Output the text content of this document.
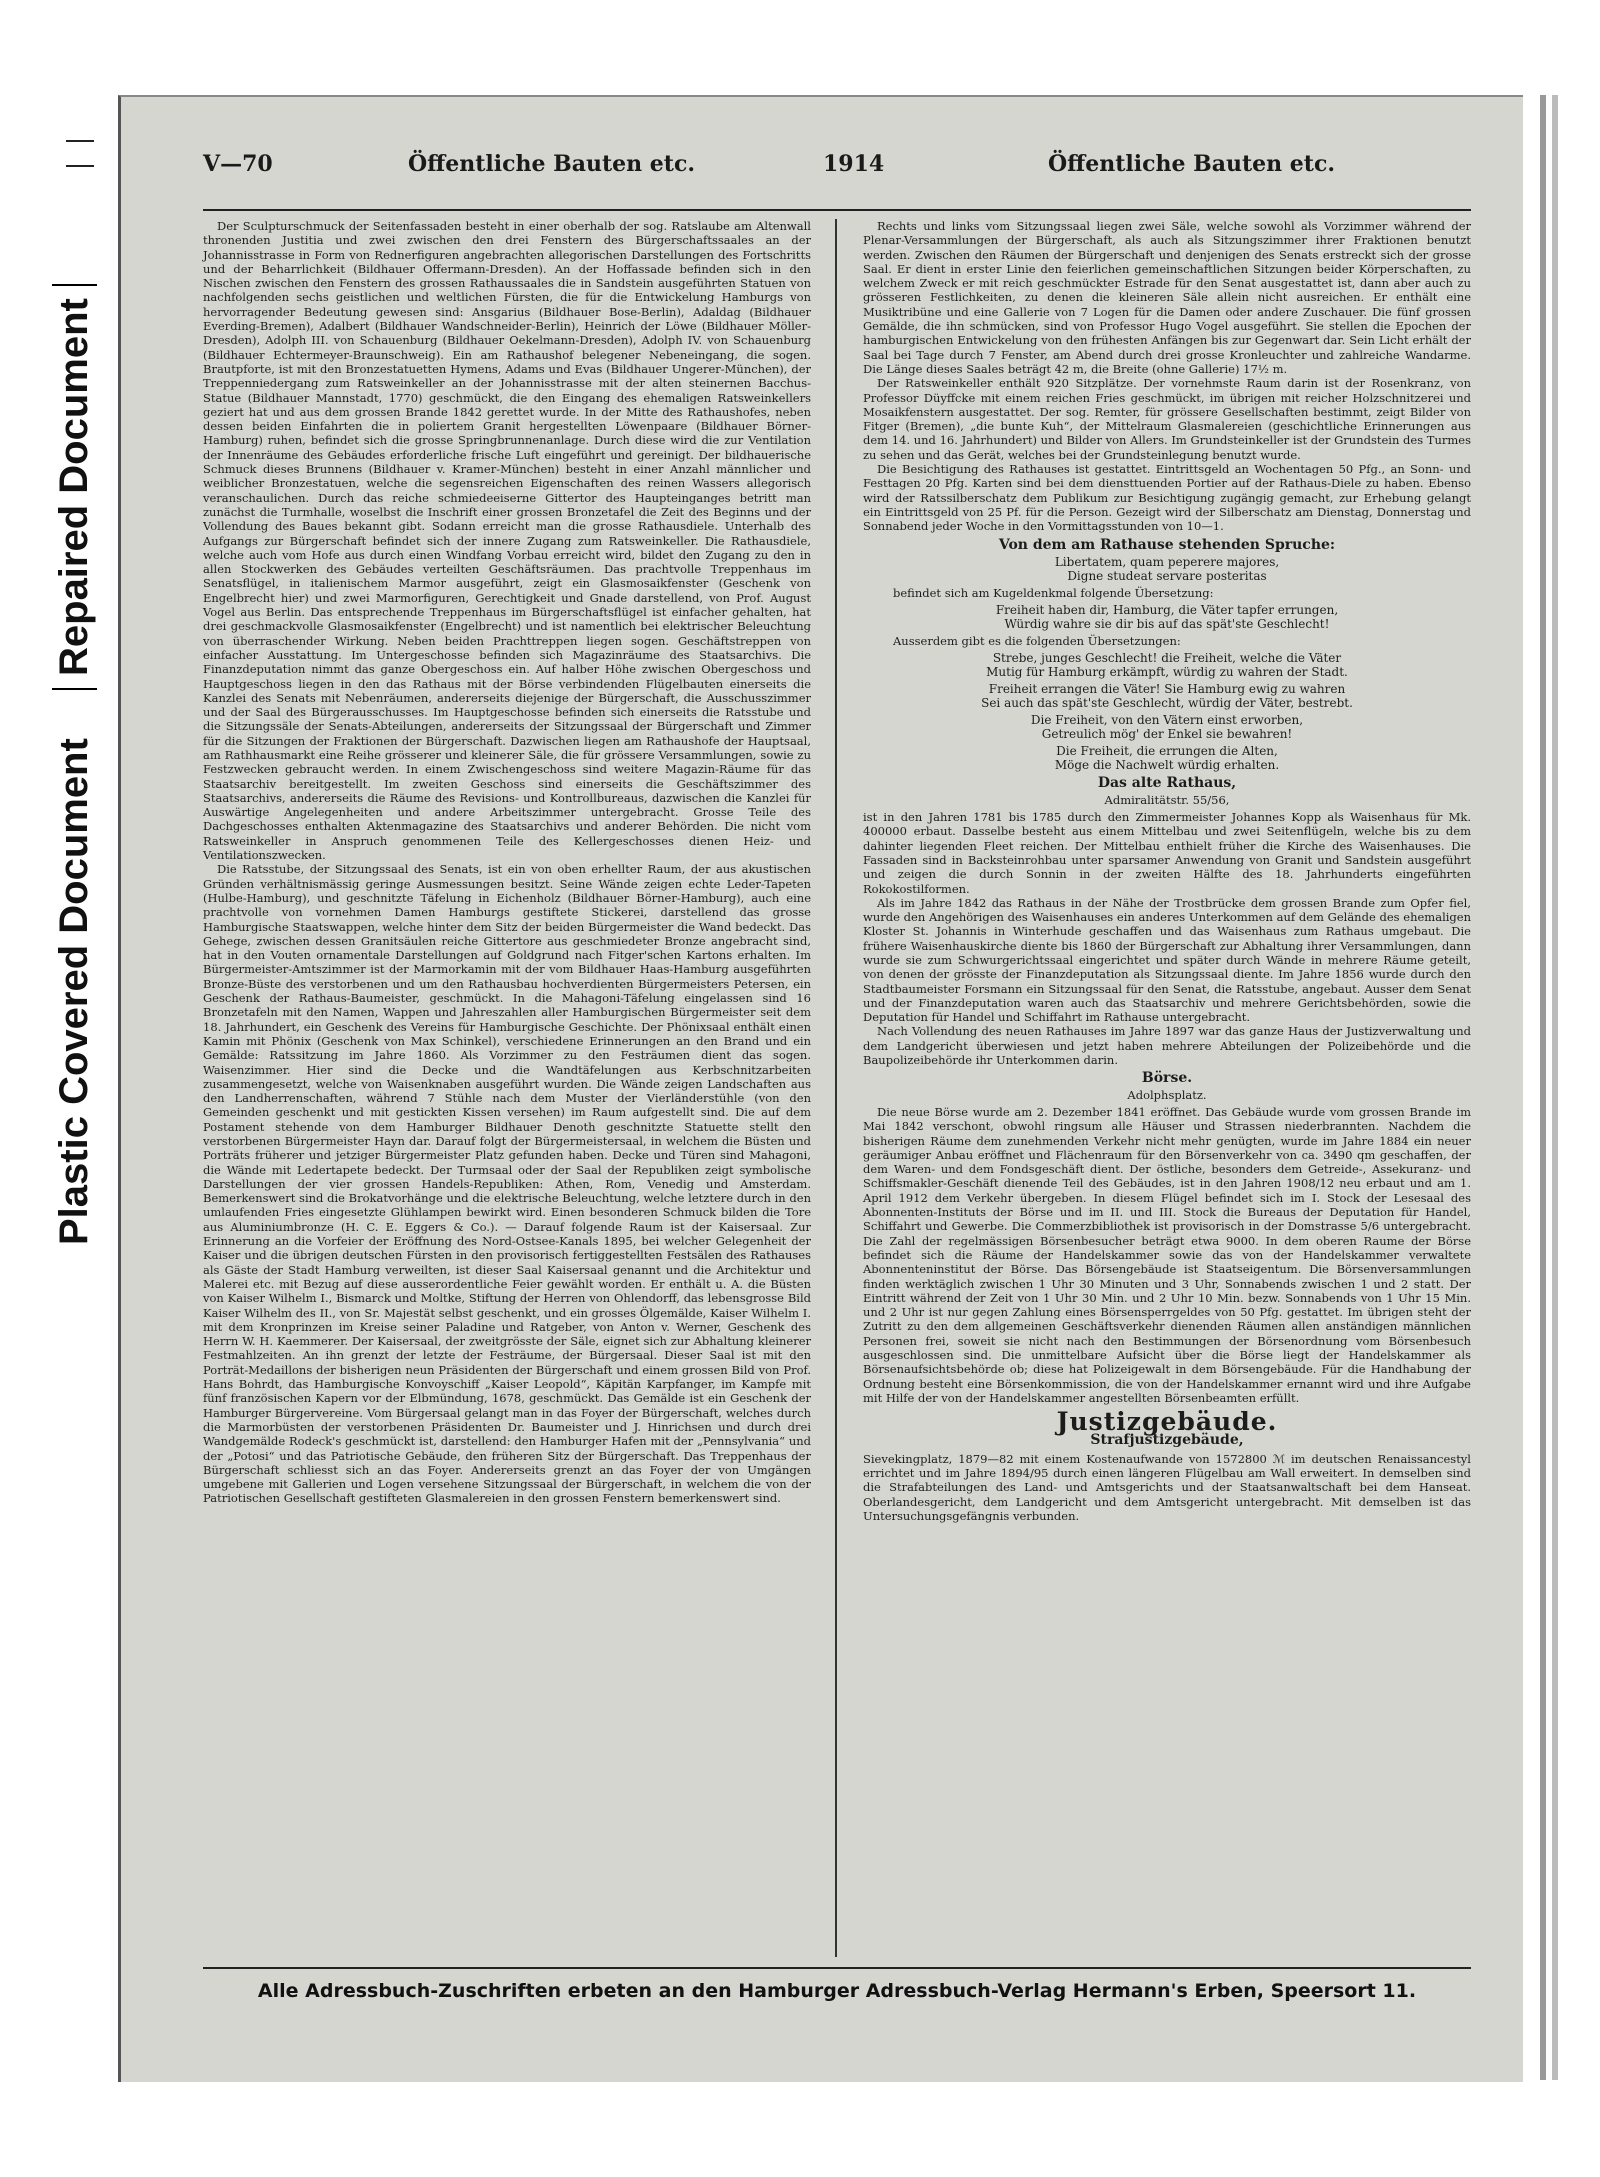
Repaired Document
Plastic Covered Document
V—70	Öffentliche Bauten etc.	1914	Öffentliche Bauten etc.

Der Sculpturschmuck der Seitenfassaden besteht in einer oberhalb der sog. Ratslaube am Altenwall thronenden Justitia und zwei zwischen den drei Fenstern des Bürgerschaftssaales an der Johannisstrasse in Form von Rednerfiguren angebrachten allegorischen Darstellungen des Fortschritts und der Beharrlichkeit (Bildhauer Offermann-Dresden). An der Hoffassade befinden sich in den Nischen zwischen den Fenstern des grossen Rathaussaales die in Sandstein ausgeführten Statuen von nachfolgenden sechs geistlichen und weltlichen Fürsten, die für die Entwickelung Hamburgs von hervorragender Bedeutung gewesen sind: Ansgarius (Bildhauer Bose-Berlin), Adaldag (Bildhauer Everding-Bremen), Adalbert (Bildhauer Wandschneider-Berlin), Heinrich der Löwe (Bildhauer Möller-Dresden), Adolph III. von Schauenburg (Bildhauer Oekelmann-Dresden), Adolph IV. von Schauenburg (Bildhauer Echtermeyer-Braunschweig). Ein am Rathaushof belegener Nebeneingang, die sogen. Brautpforte, ist mit den Bronzestatuetten Hymens, Adams und Evas (Bildhauer Ungerer-München), der Treppenniedergang zum Ratsweinkeller an der Johannisstrasse mit der alten steinernen Bacchus-Statue (Bildhauer Mannstadt, 1770) geschmückt, die den Eingang des ehemaligen Ratsweinkellers geziert hat und aus dem grossen Brande 1842 gerettet wurde. In der Mitte des Rathaushofes, neben dessen beiden Einfahrten die in poliertem Granit hergestellten Löwenpaare (Bildhauer Börner-Hamburg) ruhen, befindet sich die grosse Springbrunnenanlage. Durch diese wird die zur Ventilation der Innenräume des Gebäudes erforderliche frische Luft eingeführt und gereinigt. Der bildhauerische Schmuck dieses Brunnens (Bildhauer v. Kramer-München) besteht in einer Anzahl männlicher und weiblicher Bronzestatuen, welche die segensreichen Eigenschaften des reinen Wassers allegorisch veranschaulichen. Durch das reiche schmiedeeiserne Gittertor des Haupteinganges betritt man zunächst die Turmhalle, woselbst die Inschrift einer grossen Bronzetafel die Zeit des Beginns und der Vollendung des Baues bekannt gibt. Sodann erreicht man die grosse Rathausdiele. Unterhalb des Aufgangs zur Bürgerschaft befindet sich der innere Zugang zum Ratsweinkeller. Die Rathausdiele, welche auch vom Hofe aus durch einen Windfang Vorbau erreicht wird, bildet den Zugang zu den in allen Stockwerken des Gebäudes verteilten Geschäftsräumen. Das prachtvolle Treppenhaus im Senatsflügel, in italienischem Marmor ausgeführt, zeigt ein Glasmosaikfenster (Geschenk von Engelbrecht hier) und zwei Marmorfiguren, Gerechtigkeit und Gnade darstellend, von Prof. August Vogel aus Berlin. Das entsprechende Treppenhaus im Bürgerschaftsflügel ist einfacher gehalten, hat drei geschmackvolle Glasmosaikfenster (Engelbrecht) und ist namentlich bei elektrischer Beleuchtung von überraschender Wirkung. Neben beiden Prachttreppen liegen sogen. Geschäftstreppen von einfacher Ausstattung. Im Untergeschosse befinden sich Magazinräume des Staatsarchivs. Die Finanzdeputation nimmt das ganze Obergeschoss ein. Auf halber Höhe zwischen Obergeschoss und Hauptgeschoss liegen in den das Rathaus mit der Börse verbindenden Flügelbauten einerseits die Kanzlei des Senats mit Nebenräumen, andererseits diejenige der Bürgerschaft, die Ausschusszimmer und der Saal des Bürgerausschusses. Im Hauptgeschosse befinden sich einerseits die Ratsstube und die Sitzungssäle der Senats-Abteilungen, andererseits der Sitzungssaal der Bürgerschaft und Zimmer für die Sitzungen der Fraktionen der Bürgerschaft. Dazwischen liegen am Rathaushofe der Hauptsaal, am Rathhausmarkt eine Reihe grösserer und kleinerer Säle, die für grössere Versammlungen, sowie zu Festzwecken gebraucht werden. In einem Zwischengeschoss sind weitere Magazin-Räume für das Staatsarchiv bereitgestellt. Im zweiten Geschoss sind einerseits die Geschäftszimmer des Staatsarchivs, andererseits die Räume des Revisions- und Kontrollbureaus, dazwischen die Kanzlei für Auswärtige Angelegenheiten und andere Arbeitszimmer untergebracht. Grosse Teile des Dachgeschosses enthalten Aktenmagazine des Staatsarchivs und anderer Behörden. Die nicht vom Ratsweinkeller in Anspruch genommenen Teile des Kellergeschosses dienen Heiz- und Ventilationszwecken.

Die Ratsstube, der Sitzungssaal des Senats, ist ein von oben erhellter Raum, der aus akustischen Gründen verhältnismässig geringe Ausmessungen besitzt. Seine Wände zeigen echte Leder-Tapeten (Hulbe-Hamburg), und geschnitzte Täfelung in Eichenholz (Bildhauer Börner-Hamburg), auch eine prachtvolle von vornehmen Damen Hamburgs gestiftete Stickerei, darstellend das grosse Hamburgische Staatswappen, welche hinter dem Sitz der beiden Bürgermeister die Wand bedeckt. Das Gehege, zwischen dessen Granitsäulen reiche Gittertore aus geschmiedeter Bronze angebracht sind, hat in den Vouten ornamentale Darstellungen auf Goldgrund nach Fitger'schen Kartons erhalten. Im Bürgermeister-Amtszimmer ist der Marmorkamin mit der vom Bildhauer Haas-Hamburg ausgeführten Bronze-Büste des verstorbenen und um den Rathausbau hochverdienten Bürgermeisters Petersen, ein Geschenk der Rathaus-Baumeister, geschmückt. In die Mahagoni-Täfelung eingelassen sind 16 Bronzetafeln mit den Namen, Wappen und Jahreszahlen aller Hamburgischen Bürgermeister seit dem 18. Jahrhundert, ein Geschenk des Vereins für Hamburgische Geschichte. Der Phönixsaal enthält einen Kamin mit Phönix (Geschenk von Max Schinkel), verschiedene Erinnerungen an den Brand und ein Gemälde: Ratssitzung im Jahre 1860. Als Vorzimmer zu den Festräumen dient das sogen. Waisenzimmer. Hier sind die Decke und die Wandtäfelungen aus Kerbschnitzarbeiten zusammengesetzt, welche von Waisenknaben ausgeführt wurden. Die Wände zeigen Landschaften aus den Landherrenschaften, während 7 Stühle nach dem Muster der Vierländerstühle (von den Gemeinden geschenkt und mit gestickten Kissen versehen) im Raum aufgestellt sind. Die auf dem Postament stehende von dem Hamburger Bildhauer Denoth geschnitzte Statuette stellt den verstorbenen Bürgermeister Hayn dar. Darauf folgt der Bürgermeistersaal, in welchem die Büsten und Porträts früherer und jetziger Bürgermeister Platz gefunden haben. Decke und Türen sind Mahagoni, die Wände mit Ledertapete bedeckt. Der Turmsaal oder der Saal der Republiken zeigt symbolische Darstellungen der vier grossen Handels-Republiken: Athen, Rom, Venedig und Amsterdam. Bemerkenswert sind die Brokatvorhänge und die elektrische Beleuchtung, welche letztere durch in den umlaufenden Fries eingesetzte Glühlampen bewirkt wird. Einen besonderen Schmuck bilden die Tore aus Aluminiumbronze (H. C. E. Eggers & Co.). — Darauf folgende Raum ist der Kaisersaal. Zur Erinnerung an die Vorfeier der Eröffnung des Nord-Ostsee-Kanals 1895, bei welcher Gelegenheit der Kaiser und die übrigen deutschen Fürsten in den provisorisch fertiggestellten Festsälen des Rathauses als Gäste der Stadt Hamburg verweilten, ist dieser Saal Kaisersaal genannt und die Architektur und Malerei etc. mit Bezug auf diese ausserordentliche Feier gewählt worden. Er enthält u. A. die Büsten von Kaiser Wilhelm I., Bismarck und Moltke, Stiftung der Herren von Ohlendorff, das lebensgrosse Bild Kaiser Wilhelm des II., von Sr. Majestät selbst geschenkt, und ein grosses Ölgemälde, Kaiser Wilhelm I. mit dem Kronprinzen im Kreise seiner Paladine und Ratgeber, von Anton v. Werner, Geschenk des Herrn W. H. Kaemmerer. Der Kaisersaal, der zweitgrösste der Säle, eignet sich zur Abhaltung kleinerer Festmahlzeiten. An ihn grenzt der letzte der Festräume, der Bürgersaal. Dieser Saal ist mit den Porträt-Medaillons der bisherigen neun Präsidenten der Bürgerschaft und einem grossen Bild von Prof. Hans Bohrdt, das Hamburgische Konvoyschiff „Kaiser Leopold“, Käpitän Karpfanger, im Kampfe mit fünf französischen Kapern vor der Elbmündung, 1678, geschmückt. Das Gemälde ist ein Geschenk der Hamburger Bürgervereine. Vom Bürgersaal gelangt man in das Foyer der Bürgerschaft, welches durch die Marmorbüsten der verstorbenen Präsidenten Dr. Baumeister und J. Hinrichsen und durch drei Wandgemälde Rodeck's geschmückt ist, darstellend: den Hamburger Hafen mit der „Pennsylvania“ und der „Potosi“ und das Patriotische Gebäude, den früheren Sitz der Bürgerschaft. Das Treppenhaus der Bürgerschaft schliesst sich an das Foyer. Andererseits grenzt an das Foyer der von Umgängen umgebene mit Gallerien und Logen versehene Sitzungssaal der Bürgerschaft, in welchem die von der Patriotischen Gesellschaft gestifteten Glasmalereien in den grossen Fenstern bemerkenswert sind.

Rechts und links vom Sitzungssaal liegen zwei Säle, welche sowohl als Vorzimmer während der Plenar-Versammlungen der Bürgerschaft, als auch als Sitzungszimmer ihrer Fraktionen benutzt werden. Zwischen den Räumen der Bürgerschaft und denjenigen des Senats erstreckt sich der grosse Saal. Er dient in erster Linie den feierlichen gemeinschaftlichen Sitzungen beider Körperschaften, zu welchem Zweck er mit reich geschmückter Estrade für den Senat ausgestattet ist, dann aber auch zu grösseren Festlichkeiten, zu denen die kleineren Säle allein nicht ausreichen. Er enthält eine Musiktribüne und eine Gallerie von 7 Logen für die Damen oder andere Zuschauer. Die fünf grossen Gemälde, die ihn schmücken, sind von Professor Hugo Vogel ausgeführt. Sie stellen die Epochen der hamburgischen Entwickelung von den frühesten Anfängen bis zur Gegenwart dar. Sein Licht erhält der Saal bei Tage durch 7 Fenster, am Abend durch drei grosse Kronleuchter und zahlreiche Wandarme. Die Länge dieses Saales beträgt 42 m, die Breite (ohne Gallerie) 17½ m.

Der Ratsweinkeller enthält 920 Sitzplätze. Der vornehmste Raum darin ist der Rosenkranz, von Professor Düyffcke mit einem reichen Fries geschmückt, im übrigen mit reicher Holzschnitzerei und Mosaikfenstern ausgestattet. Der sog. Remter, für grössere Gesellschaften bestimmt, zeigt Bilder von Fitger (Bremen), „die bunte Kuh“, der Mittelraum Glasmalereien (geschichtliche Erinnerungen aus dem 14. und 16. Jahrhundert) und Bilder von Allers. Im Grundsteinkeller ist der Grundstein des Turmes zu sehen und das Gerät, welches bei der Grundsteinlegung benutzt wurde.

Die Besichtigung des Rathauses ist gestattet. Eintrittsgeld an Wochentagen 50 Pfg., an Sonn- und Festtagen 20 Pfg. Karten sind bei dem diensttuenden Portier auf der Rathaus-Diele zu haben. Ebenso wird der Ratssilberschatz dem Publikum zur Besichtigung zugängig gemacht, zur Erhebung gelangt ein Eintrittsgeld von 25 Pf. für die Person. Gezeigt wird der Silberschatz am Dienstag, Donnerstag und Sonnabend jeder Woche in den Vormittagsstunden von 10—1.

Von dem am Rathause stehenden Spruche:
Libertatem, quam peperere majores,
Digne studeat servare posteritas
befindet sich am Kugeldenkmal folgende Übersetzung:
Freiheit haben dir, Hamburg, die Väter tapfer errungen,
Würdig wahre sie dir bis auf das spät'ste Geschlecht!
Ausserdem gibt es die folgenden Übersetzungen:
Strebe, junges Geschlecht! die Freiheit, welche die Väter
Mutig für Hamburg erkämpft, würdig zu wahren der Stadt.
Freiheit errangen die Väter! Sie Hamburg ewig zu wahren
Sei auch das spät'ste Geschlecht, würdig der Väter, bestrebt.
Die Freiheit, von den Vätern einst erworben,
Getreulich mög' der Enkel sie bewahren!
Die Freiheit, die errungen die Alten,
Möge die Nachwelt würdig erhalten.
Das alte Rathaus,
Admiralitätstr. 55/56,

ist in den Jahren 1781 bis 1785 durch den Zimmermeister Johannes Kopp als Waisenhaus für Mk. 400000 erbaut. Dasselbe besteht aus einem Mittelbau und zwei Seitenflügeln, welche bis zu dem dahinter liegenden Fleet reichen. Der Mittelbau enthielt früher die Kirche des Waisenhauses. Die Fassaden sind in Backsteinrohbau unter sparsamer Anwendung von Granit und Sandstein ausgeführt und zeigen die durch Sonnin in der zweiten Hälfte des 18. Jahrhunderts eingeführten Rokokostilformen.

Als im Jahre 1842 das Rathaus in der Nähe der Trostbrücke dem grossen Brande zum Opfer fiel, wurde den Angehörigen des Waisenhauses ein anderes Unterkommen auf dem Gelände des ehemaligen Kloster St. Johannis in Winterhude geschaffen und das Waisenhaus zum Rathaus umgebaut. Die frühere Waisenhauskirche diente bis 1860 der Bürgerschaft zur Abhaltung ihrer Versammlungen, dann wurde sie zum Schwurgerichtssaal eingerichtet und später durch Wände in mehrere Räume geteilt, von denen der grösste der Finanzdeputation als Sitzungssaal diente. Im Jahre 1856 wurde durch den Stadtbaumeister Forsmann ein Sitzungssaal für den Senat, die Ratsstube, angebaut. Ausser dem Senat und der Finanzdeputation waren auch das Staatsarchiv und mehrere Gerichtsbehörden, sowie die Deputation für Handel und Schiffahrt im Rathause untergebracht.

Nach Vollendung des neuen Rathauses im Jahre 1897 war das ganze Haus der Justizverwaltung und dem Landgericht überwiesen und jetzt haben mehrere Abteilungen der Polizeibehörde und die Baupolizeibehörde ihr Unterkommen darin.

Börse.
Adolphsplatz.

Die neue Börse wurde am 2. Dezember 1841 eröffnet. Das Gebäude wurde vom grossen Brande im Mai 1842 verschont, obwohl ringsum alle Häuser und Strassen niederbrannten. Nachdem die bisherigen Räume dem zunehmenden Verkehr nicht mehr genügten, wurde im Jahre 1884 ein neuer geräumiger Anbau eröffnet und Flächenraum für den Börsenverkehr von ca. 3490 qm geschaffen, der dem Waren- und dem Fondsgeschäft dient. Der östliche, besonders dem Getreide-, Assekuranz- und Schiffsmakler-Geschäft dienende Teil des Gebäudes, ist in den Jahren 1908/12 neu erbaut und am 1. April 1912 dem Verkehr übergeben. In diesem Flügel befindet sich im I. Stock der Lesesaal des Abonnenten-Instituts der Börse und im II. und III. Stock die Bureaus der Deputation für Handel, Schiffahrt und Gewerbe. Die Commerzbibliothek ist provisorisch in der Domstrasse 5/6 untergebracht. Die Zahl der regelmässigen Börsenbesucher beträgt etwa 9000. In dem oberen Raume der Börse befindet sich die Räume der Handelskammer sowie das von der Handelskammer verwaltete Abonnenteninstitut der Börse. Das Börsengebäude ist Staatseigentum. Die Börsenversammlungen finden werktäglich zwischen 1 Uhr 30 Minuten und 3 Uhr, Sonnabends zwischen 1 und 2 statt. Der Eintritt während der Zeit von 1 Uhr 30 Min. und 2 Uhr 10 Min. bezw. Sonnabends von 1 Uhr 15 Min. und 2 Uhr ist nur gegen Zahlung eines Börsensperrgeldes von 50 Pfg. gestattet. Im übrigen steht der Zutritt zu den dem allgemeinen Geschäftsverkehr dienenden Räumen allen anständigen männlichen Personen frei, soweit sie nicht nach den Bestimmungen der Börsenordnung vom Börsenbesuch ausgeschlossen sind. Die unmittelbare Aufsicht über die Börse liegt der Handelskammer als Börsenaufsichtsbehörde ob; diese hat Polizeigewalt in dem Börsengebäude. Für die Handhabung der Ordnung besteht eine Börsenkommission, die von der Handelskammer ernannt wird und ihre Aufgabe mit Hilfe der von der Handelskammer angestellten Börsenbeamten erfüllt.

Justizgebäude.
Strafjustizgebäude,

Sievekingplatz, 1879—82 mit einem Kostenaufwande von 1572800 ℳ im deutschen Renaissancestyl errichtet und im Jahre 1894/95 durch einen längeren Flügelbau am Wall erweitert. In demselben sind die Strafabteilungen des Land- und Amtsgerichts und der Staatsanwaltschaft bei dem Hanseat. Oberlandesgericht, dem Landgericht und dem Amtsgericht untergebracht. Mit demselben ist das Untersuchungsgefängnis verbunden.

Alle Adressbuch-Zuschriften erbeten an den Hamburger Adressbuch-Verlag Hermann's Erben, Speersort 11.
